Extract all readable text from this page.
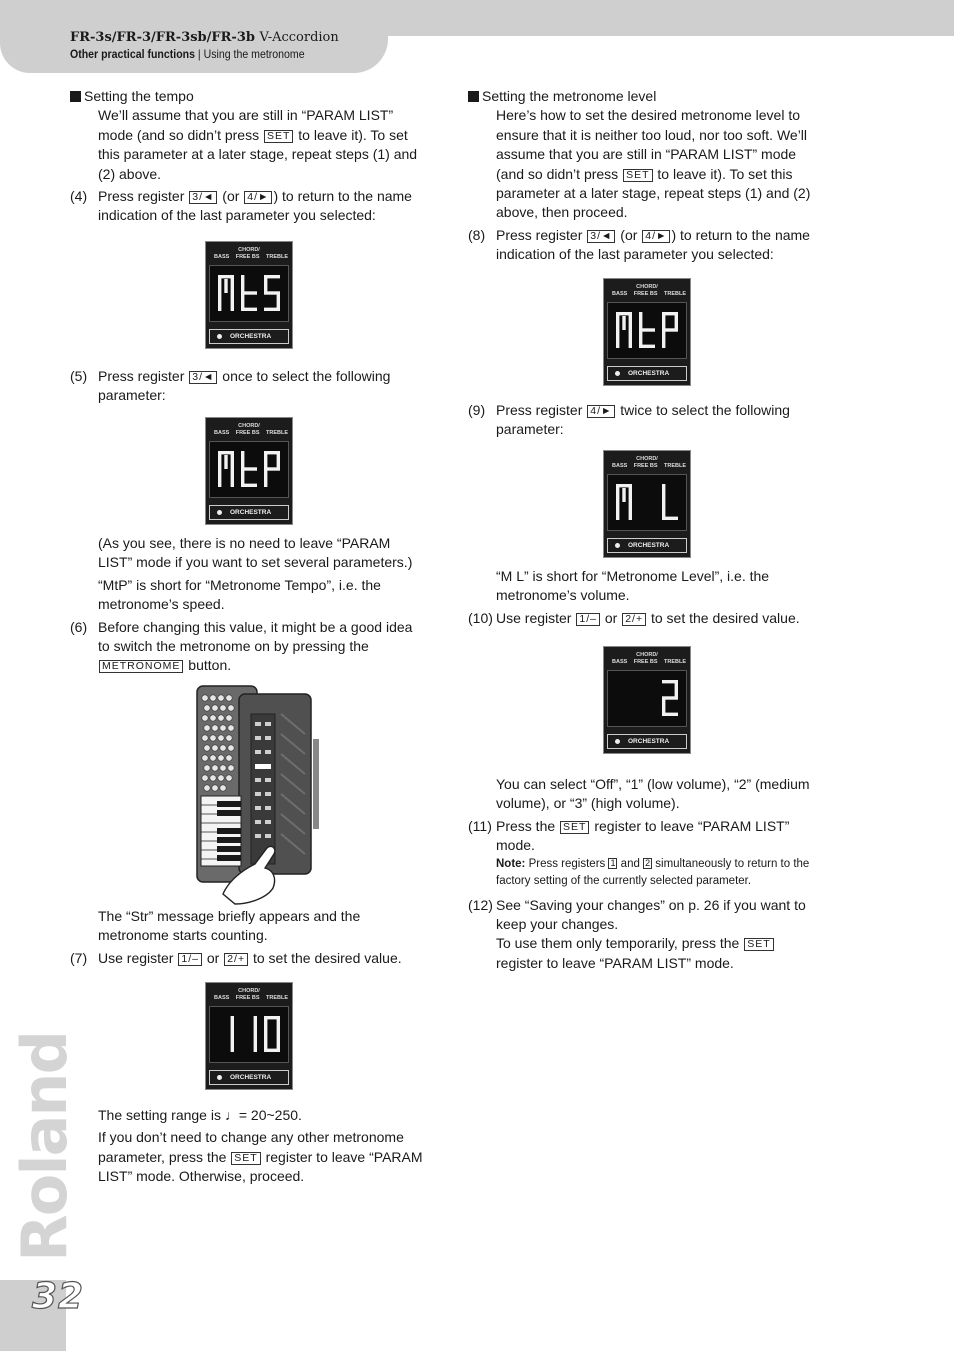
FR-3s/FR-3/FR-3sb/FR-3b V-Accordion
Other practical functions | Using the metronome

Setting the tempo

We’ll assume that you are still in “PARAM LIST” mode (and so didn’t press SET to leave it). To set this parameter at a later stage, repeat steps (1) and (2) above.

(4) Press register 3/◄ (or 4/► ) to return to the name indication of the last parameter you selected:
(5) Press register 3/◄ once to select the following parameter:

(As you see, there is no need to leave “PARAM LIST” mode if you want to set several parameters.)

“MtP” is short for “Metronome Tempo”, i.e. the metronome’s speed.

(6) Before changing this value, it might be a good idea to switch the metronome on by pressing the METRONOME button.

The “Str” message briefly appears and the metronome starts counting.

(7) Use register 1/– or 2/+ to set the desired value.

The setting range is ♩= 20~250.

If you don’t need to change any other metronome parameter, press the SET register to leave “PARAM LIST” mode. Otherwise, proceed.

Setting the metronome level

Here’s how to set the desired metronome level to ensure that it is neither too loud, nor too soft. We’ll assume that you are still in “PARAM LIST” mode (and so didn’t press SET to leave it). To set this parameter at a later stage, repeat steps (1) and (2) above, then proceed.

(8) Press register 3/◄ (or 4/► ) to return to the name indication of the last parameter you selected:
(9) Press register 4/► twice to select the following parameter:

“M L” is short for “Metronome Level”, i.e. the metronome’s volume.

(10) Use register 1/– or 2/+ to set the desired value.

You can select “Off”, “1” (low volume), “2” (medium volume), or “3” (high volume).

(11) Press the SET register to leave “PARAM LIST” mode.

Note: Press registers 1 and 2 simultaneously to return to the factory setting of the currently selected parameter.

(12) See “Saving your changes” on p. 26 if you want to keep your changes.

To use them only temporarily, press the SET register to leave “PARAM LIST” mode.

CHORD/
BASS FREE BS TREBLE
ORCHESTRA
CHORD/
BASS FREE BS TREBLE
ORCHESTRA
CHORD/
BASS FREE BS TREBLE
ORCHESTRA
CHORD/
BASS FREE BS TREBLE
ORCHESTRA
CHORD/
BASS FREE BS TREBLE
ORCHESTRA
CHORD/
BASS FREE BS TREBLE
ORCHESTRA
Roland
32
